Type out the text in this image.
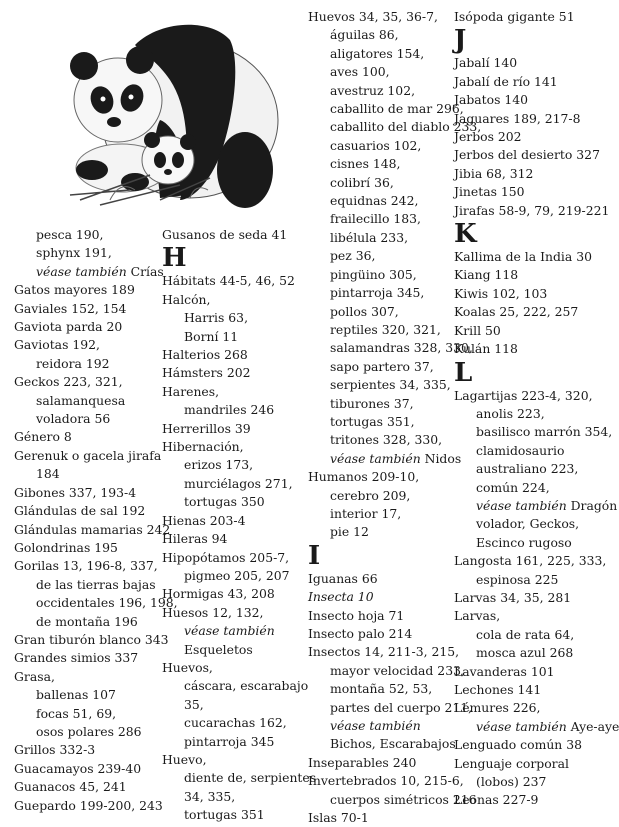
pesca 190,
sphynx 191,
véase también Crías
Gatos mayores 189
Gaviales 152, 154
Gaviota parda 20
Gaviotas 192,
reidora 192
Geckos 223, 321,
salamanquesa
voladora 56
Género 8
Gerenuk o gacela jirafa
184
Gibones 337, 193-4
Glándulas de sal 192
Glándulas mamarias 242
Golondrinas 195
Gorilas 13, 196-8, 337,
de las tierras bajas
occidentales 196, 198,
de montaña 196
Gran tiburón blanco 343
Grandes simios 337
Grasa,
ballenas 107
focas 51, 69,
osos polares 286
Grillos 332-3
Guacamayos 239-40
Guanacos 45, 241
Guepardo 199-200, 243
Gusanos de seda 41
H
Hábitats 44-5, 46, 52
Halcón,
Harris 63,
Borní 11
Halterios 268
Hámsters 202
Harenes,
mandriles 246
Herrerillos 39
Hibernación,
erizos 173,
murciélagos 271,
tortugas 350
Hienas 203-4
Hileras 94
Hipopótamos 205-7,
pigmeo 205, 207
Hormigas 43, 208
Huesos 12, 132,
véase también
Esqueletos
Huevos,
cáscara, escarabajo
35,
cucarachas 162,
pintarroja 345
Huevo,
diente de, serpientes
34, 335,
tortugas 351
Huevos 34, 35, 36-7,
águilas 86,
aligatores 154,
aves 100,
avestruz 102,
caballito de mar 296,
caballito del diablo 233,
casuarios 102,
cisnes 148,
colibrí 36,
equidnas 242,
frailecillo 183,
libélula 233,
pez 36,
pingüino 305,
pintarroja 345,
pollos 307,
reptiles 320, 321,
salamandras 328, 330,
sapo partero 37,
serpientes 34, 335,
tiburones 37,
tortugas 351,
tritones 328, 330,
véase también Nidos
Humanos 209-10,
cerebro 209,
interior 17,
pie 12
I
Iguanas 66
Insecta 10
Insecto hoja 71
Insecto palo 214
Insectos 14, 211-3, 215,
mayor velocidad 233,
montaña 52, 53,
partes del cuerpo 211,
véase también
Bichos, Escarabajos
Inseparables 240
Invertebrados 10, 215-6,
cuerpos simétricos 216
Islas 70-1
Isópoda gigante 51
J
Jabalí 140
Jabalí de río 141
Jabatos 140
Jaguares 189, 217-8
Jerbos 202
Jerbos del desierto 327
Jibia 68, 312
Jinetas 150
Jirafas 58-9, 79, 219-221
K
Kallima de la India 30
Kiang 118
Kiwis 102, 103
Koalas 25, 222, 257
Krill 50
Kulán 118
L
Lagartijas 223-4, 320,
anolis 223,
basilisco marrón 354,
clamidosaurio
australiano 223,
común 224,
véase también Dragón
volador, Geckos,
Escinco rugoso
Langosta 161, 225, 333,
espinosa 225
Larvas 34, 35, 281
Larvas,
cola de rata 64,
mosca azul 268
Lavanderas 101
Lechones 141
Lémures 226,
véase también Aye-aye
Lenguado común 38
Lenguaje corporal
(lobos) 237
Leonas 227-9
